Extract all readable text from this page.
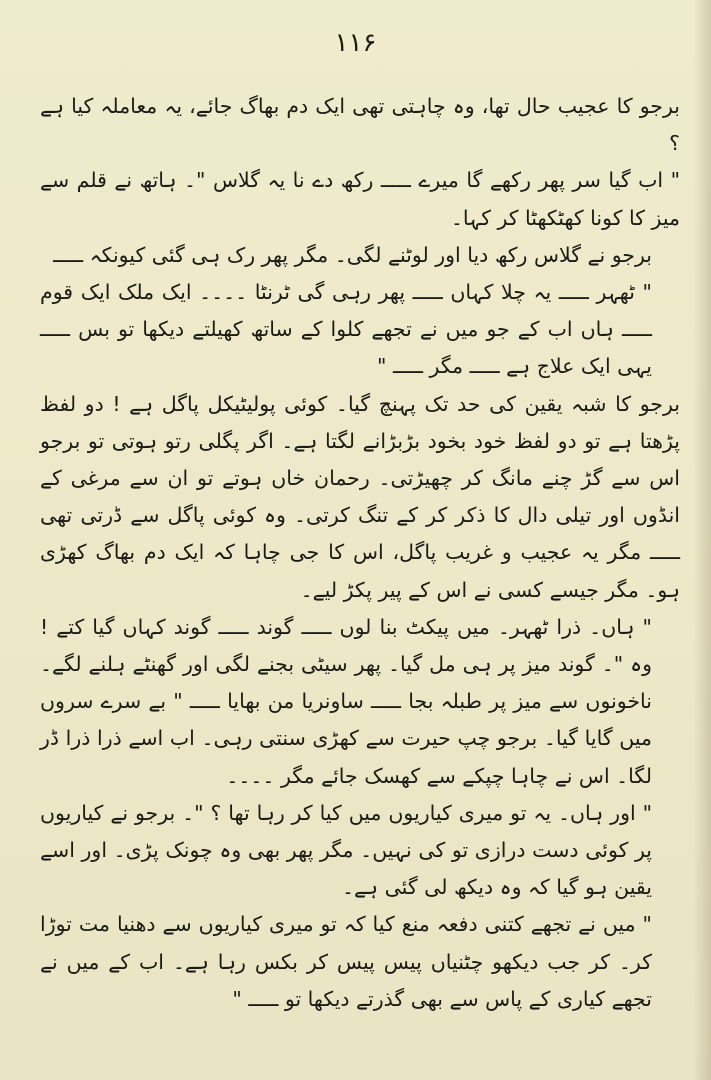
۱۱۶

برجو کا عجیب حال تھا، وہ چاہتی تھی ایک دم بھاگ جائے، یہ معاملہ کیا ہے ؟

" اب گیا سر پھر رکھے گا میرے ـــــ رکھ دے نا یہ گلاس "۔ ہاتھ نے قلم سے میز کا کونا کھٹکھٹا کر کہا۔

برجو نے گلاس رکھ دیا اور لوٹنے لگی۔ مگر پھر رک ہی گئی کیونکہ ـــــ

" ٹھہر ـــــ یہ چلا کہاں ـــــ پھر رہی گی ٹرنٹا ۔۔۔۔ ایک ملک ایک قوم ـــــ ہاں اب کے جو میں نے تجھے کلوا کے ساتھ کھیلتے دیکھا تو بس ـــــ یہی ایک علاج ہے ـــــ مگر ـــــ "

برجو کا شبہ یقین کی حد تک پہنچ گیا۔ کوئی پولیٹیکل پاگل ہے ! دو لفظ پڑھتا ہے تو دو لفظ خود بخود بڑبڑانے لگتا ہے۔ اگر پگلی رتو ہوتی تو برجو اس سے گڑ چنے مانگ کر چھیڑتی۔ رحمان خاں ہوتے تو ان سے مرغی کے انڈوں اور تیلی دال کا ذکر کر کے تنگ کرتی۔ وہ کوئی پاگل سے ڈرتی تھی ـــــ مگر یہ عجیب و غریب پاگل، اس کا جی چاہا کہ ایک دم بھاگ کھڑی ہو۔ مگر جیسے کسی نے اس کے پیر پکڑ لیے۔

" ہاں۔ ذرا ٹھہر۔ میں پیکٹ بنا لوں ـــــ گوند ـــــ گوند کہاں گیا کتے ! وہ "۔ گوند میز پر ہی مل گیا۔ پھر سیٹی بجنے لگی اور گھنٹے ہلنے لگے۔ ناخونوں سے میز پر طبلہ بجا ـــــ ساونریا من بھایا ـــــ " بے سرے سروں میں گایا گیا۔ برجو چپ حیرت سے کھڑی سنتی رہی۔ اب اسے ذرا ذرا ڈر لگا۔ اس نے چاہا چپکے سے کھسک جائے مگر ۔۔۔۔

" اور ہاں۔ یہ تو میری کیاریوں میں کیا کر رہا تھا ؟ "۔ برجو نے کیاریوں پر کوئی دست درازی تو کی نہیں۔ مگر پھر بھی وہ چونک پڑی۔ اور اسے یقین ہو گیا کہ وہ دیکھ لی گئی ہے۔

" میں نے تجھے کتنی دفعہ منع کیا کہ تو میری کیاریوں سے دھنیا مت توڑا کر۔ کر جب دیکھو چٹنیاں پیس پیس کر بکس رہا ہے۔ اب کے میں نے تجھے کیاری کے پاس سے بھی گذرتے دیکھا تو ـــــ "
